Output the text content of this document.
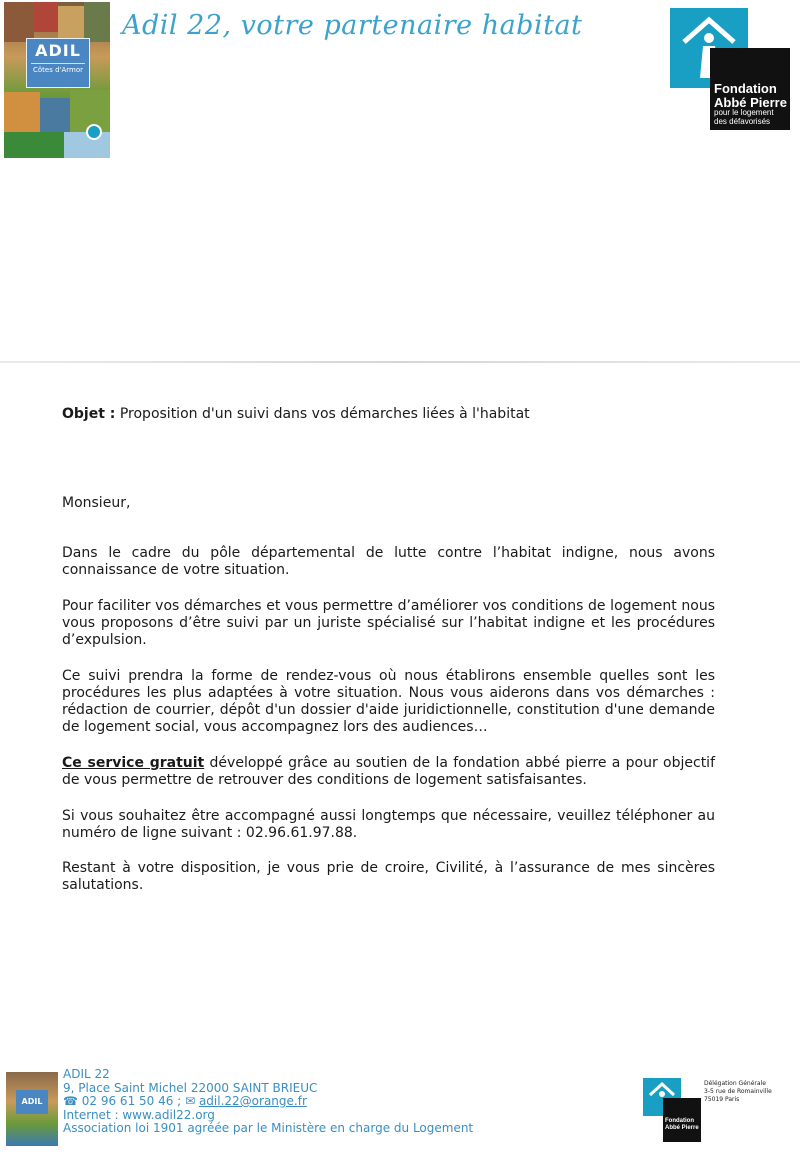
ADIL
Côtes d'Armor
Adil 22, votre partenaire habitat
Fondation
Abbé Pierre
pour le logement
des défavorisés
Objet : Proposition d'un suivi dans vos démarches liées à l'habitat
Monsieur,
Dans le cadre du pôle départemental de lutte contre l’habitat indigne, nous avons connaissance de votre situation.
Pour faciliter vos démarches et vous permettre d’améliorer vos conditions de logement nous vous proposons d’être suivi par un juriste spécialisé sur l’habitat indigne et les procédures d’expulsion.
Ce suivi prendra la forme de rendez-vous où nous établirons ensemble quelles sont les procédures les plus adaptées à votre situation. Nous vous aiderons dans vos démarches : rédaction de courrier, dépôt d'un dossier d'aide juridictionnelle, constitution d'une demande de logement social, vous accompagnez lors des audiences…
Ce service gratuit développé grâce au soutien de la fondation abbé pierre a pour objectif de vous permettre de retrouver des conditions de logement satisfaisantes.
Si vous souhaitez être accompagné aussi longtemps que nécessaire, veuillez téléphoner au numéro de ligne suivant : 02.96.61.97.88.
Restant à votre disposition, je vous prie de croire, Civilité, à l’assurance de mes sincères salutations.
ADIL
ADIL 22
9, Place Saint Michel 22000 SAINT BRIEUC
☎ 02 96 61 50 46 ; ✉ adil.22@orange.fr
Internet : www.adil22.org
Association loi 1901 agréée par le Ministère en charge du Logement	Fondation Abbé Pierre
Délégation Générale
3-5 rue de Romainville
75019 Paris
